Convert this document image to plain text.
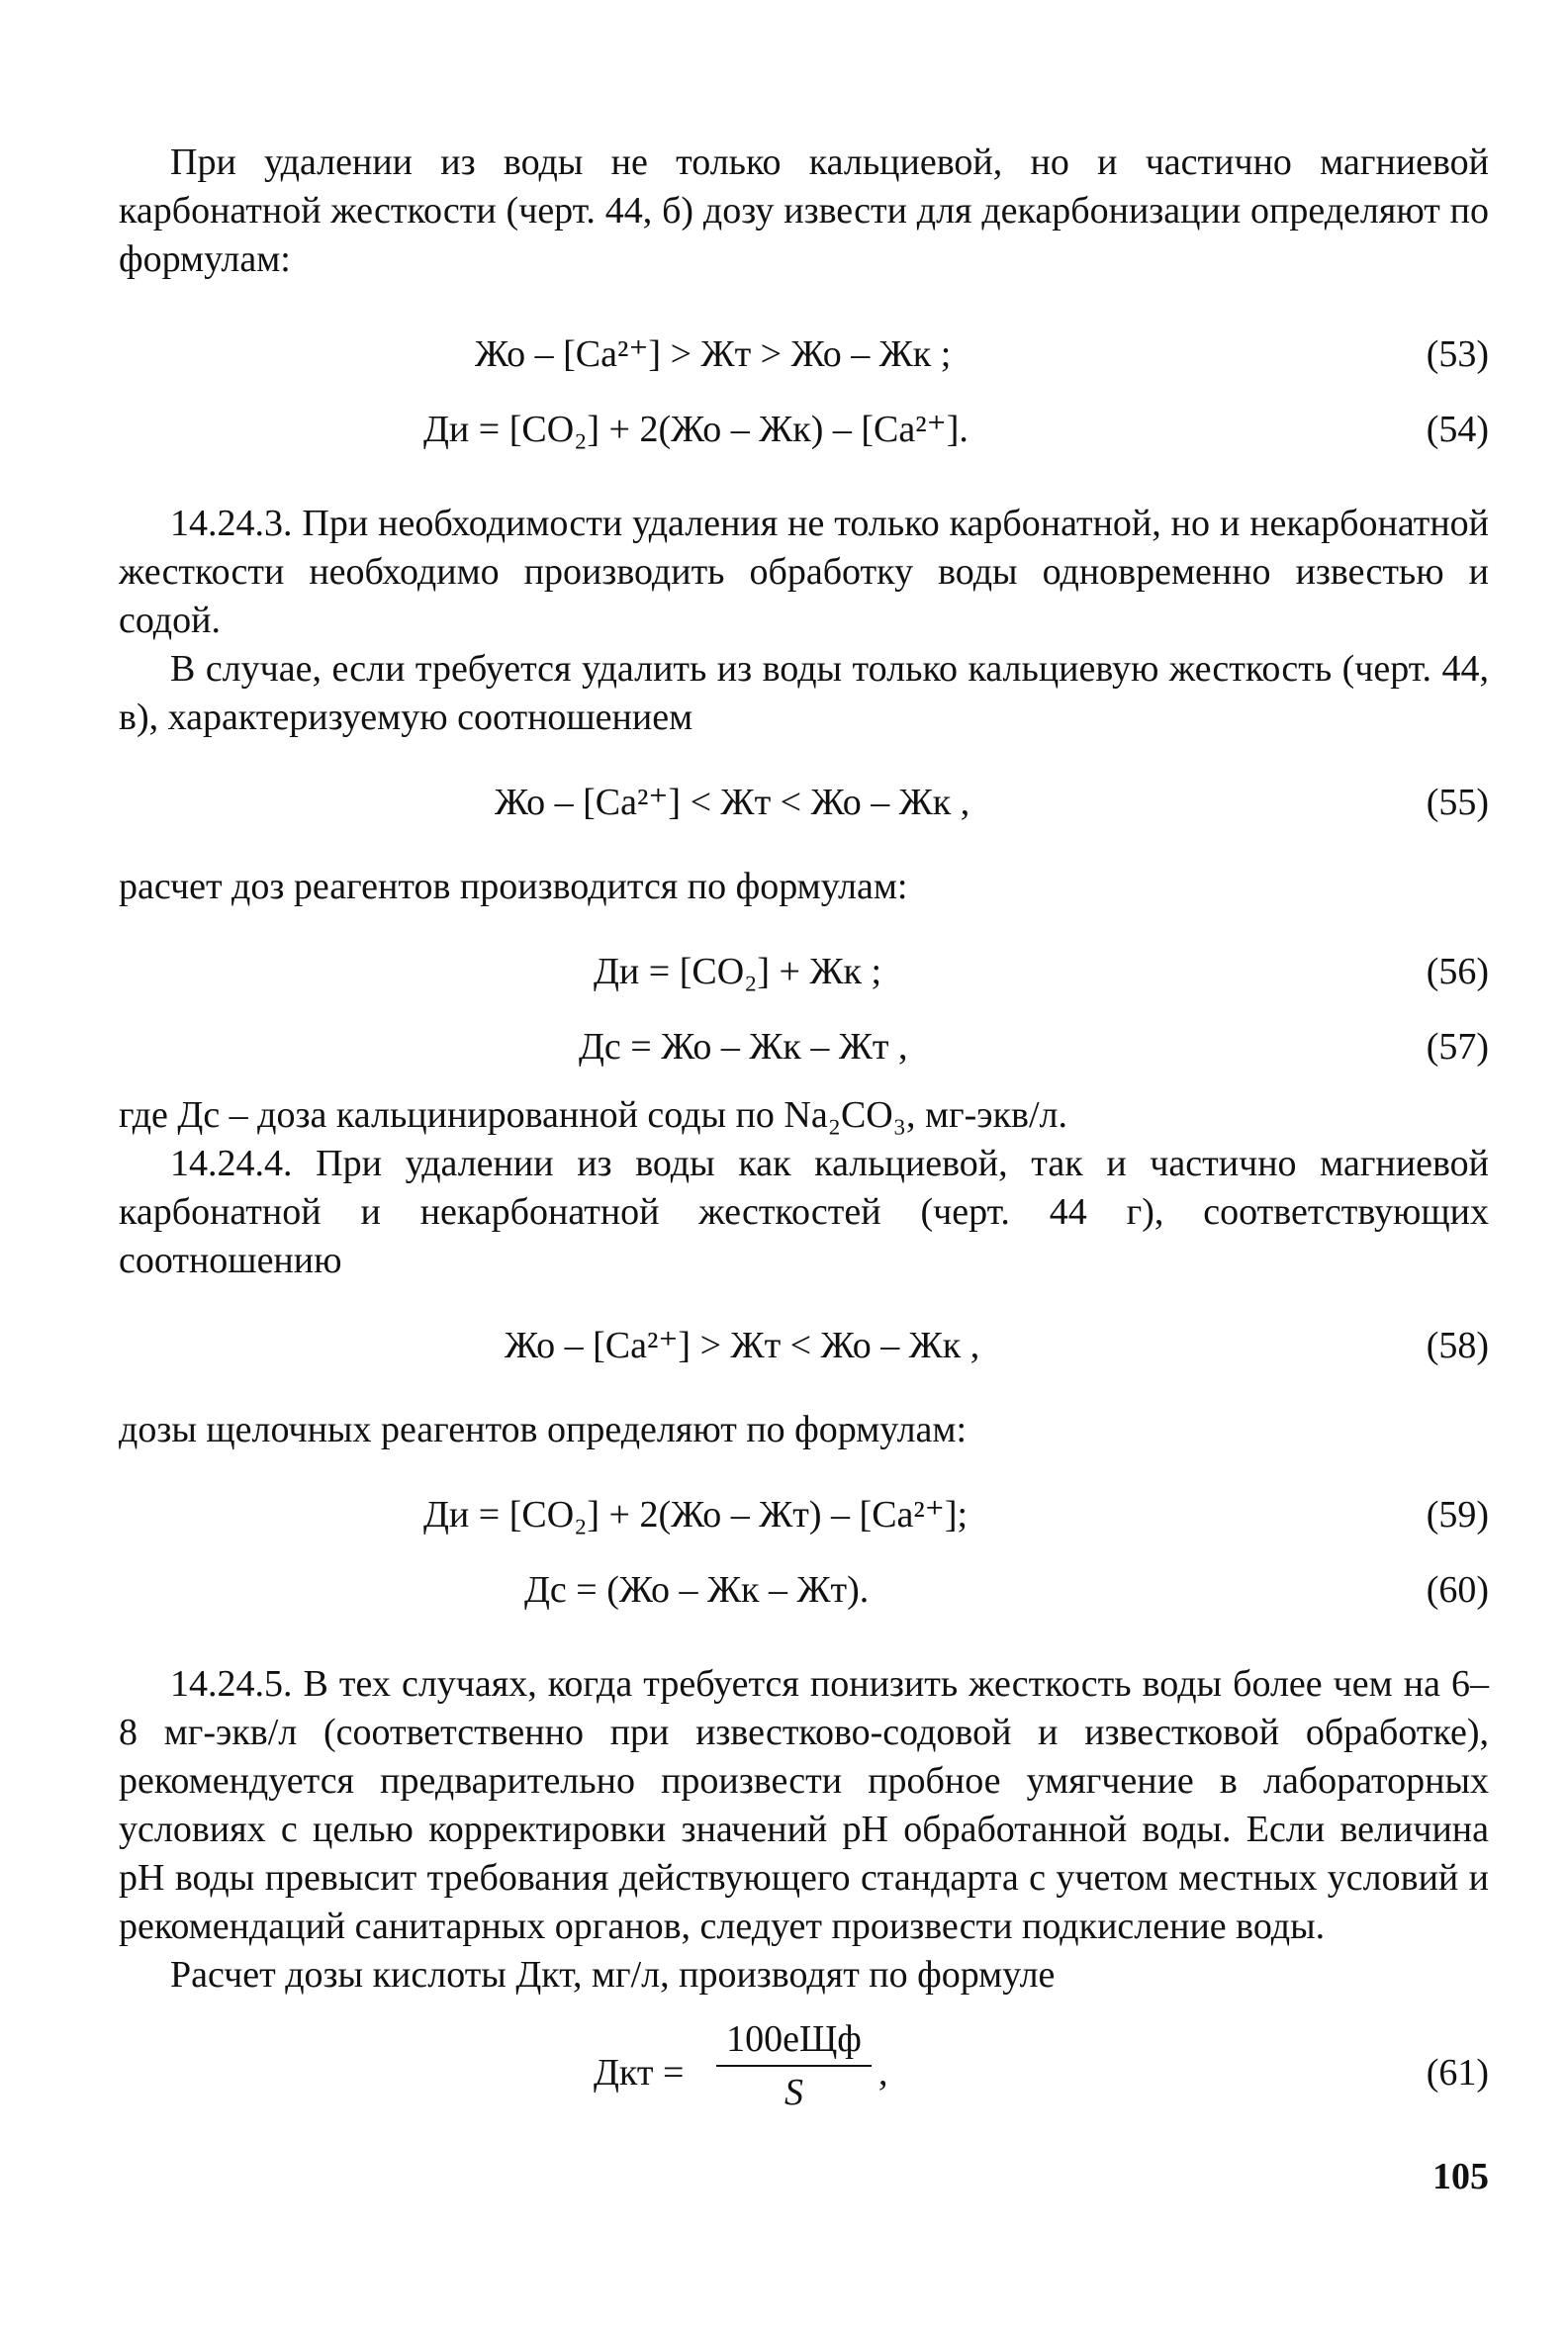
При удалении из воды не только кальциевой, но и частично магниевой карбонатной жесткости (черт. 44, б) дозу извести для декарбонизации определяют по формулам:

Жо – [Ca²⁺] > Жт > Жо – Жк ;	(53)
Ди = [CO₂] + 2(Жо – Жк) – [Ca²⁺].	(54)

14.24.3. При необходимости удаления не только карбонатной, но и некарбонатной жесткости необходимо производить обработку воды одновременно известью и содой.

В случае, если требуется удалить из воды только кальциевую жесткость (черт. 44, в), характеризуемую соотношением

Жо – [Ca²⁺] < Жт < Жо – Жк ,	(55)

расчет доз реагентов производится по формулам:

Ди = [CO₂] + Жк ;	(56)
Дс = Жо – Жк – Жт ,	(57)

где Дс – доза кальцинированной соды по Na₂CO₃, мг-экв/л.

14.24.4. При удалении из воды как кальциевой, так и частично магниевой карбонатной и некарбонатной жесткостей (черт. 44 г), соответствующих соотношению

Жо – [Ca²⁺] > Жт < Жо – Жк ,	(58)

дозы щелочных реагентов определяют по формулам:

Ди = [CO₂] + 2(Жо – Жт) – [Ca²⁺];	(59)
Дс = (Жо – Жк – Жт).	(60)

14.24.5. В тех случаях, когда требуется понизить жесткость воды более чем на 6–8 мг-экв/л (соответственно при известково-содовой и известковой обработке), рекомендуется предварительно произвести пробное умягчение в лабораторных условиях с целью корректировки значений pH обработанной воды. Если величина pH воды превысит требования действующего стандарта с учетом местных условий и рекомендаций санитарных органов, следует произвести подкисление воды.

Расчет дозы кислоты Дкт, мг/л, производят по формуле

Дкт =
100eЩф
S	,	(61)
105
